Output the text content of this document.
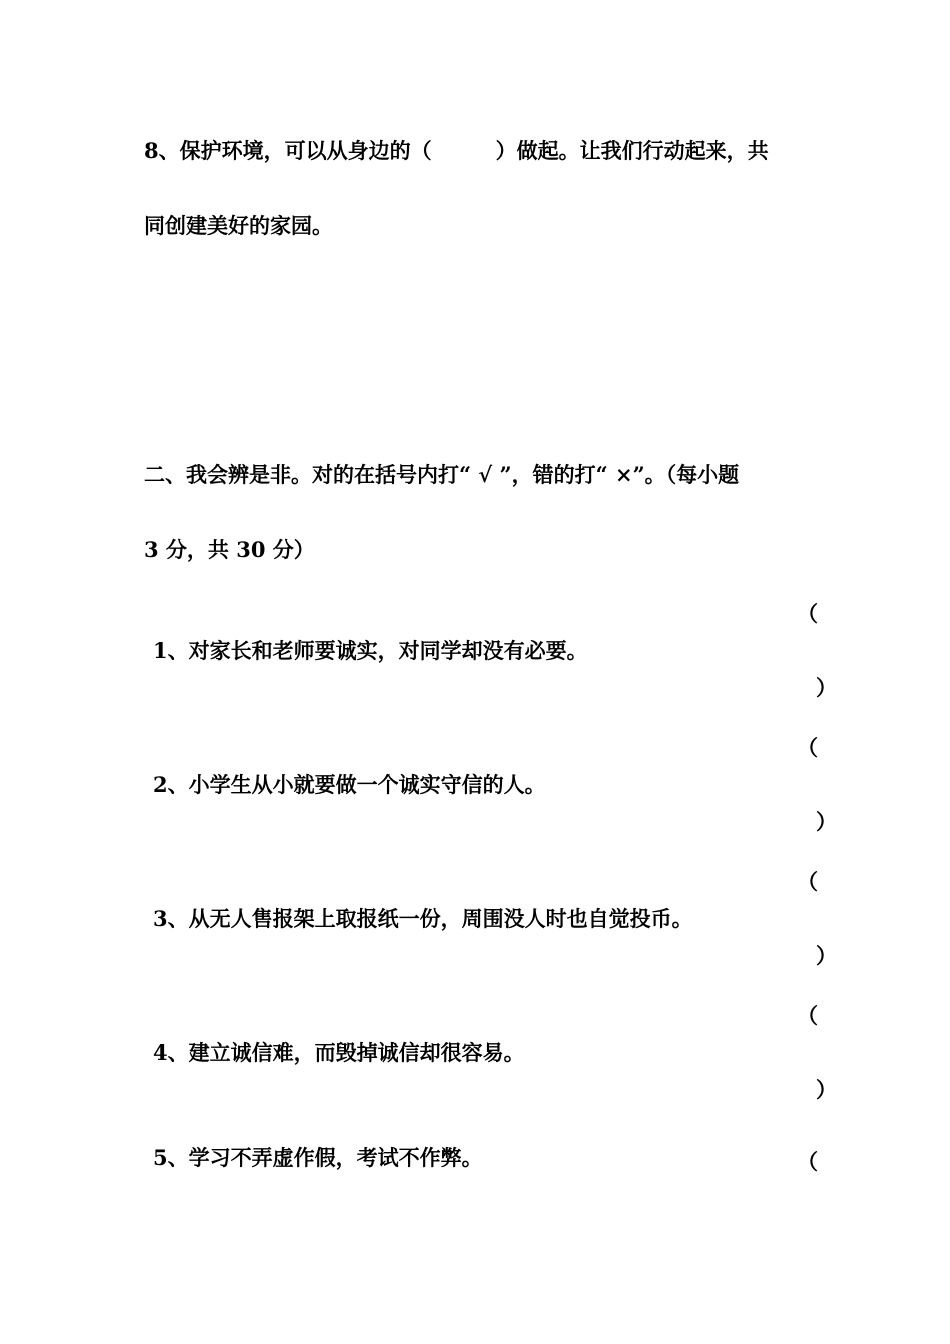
8、保护环境，可以从身边的（	）做起。让我们行动起来，共
同创建美好的家园。
二、我会辨是非。对的在括号内打“ √ ”，错的打“ ×”。（每小题
3 分，共 30 分）
（
1、对家长和老师要诚实，对同学却没有必要。
）
（
2、小学生从小就要做一个诚实守信的人。
）
（
3、从无人售报架上取报纸一份，周围没人时也自觉投币。
）
（
4、建立诚信难，而毁掉诚信却很容易。
）
5、学习不弄虚作假，考试不作弊。	（
